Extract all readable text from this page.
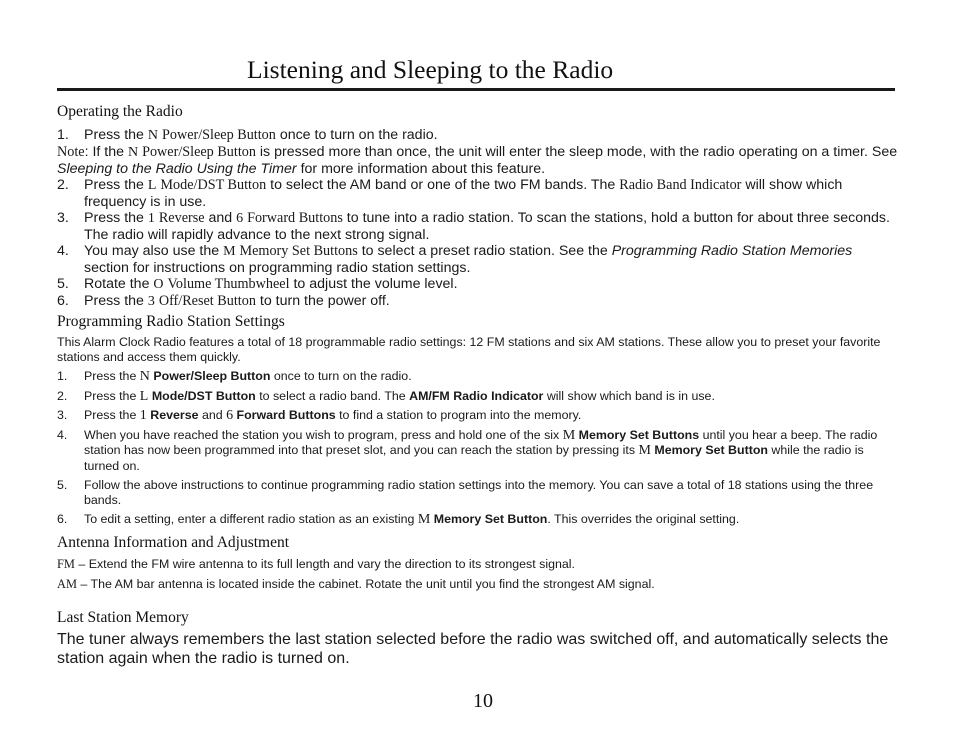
Listening and Sleeping to the Radio
Operating the Radio
1.	Press the N Power/Sleep Button once to turn on the radio.
Note: If the N Power/Sleep Button is pressed more than once, the unit will enter the sleep mode, with the radio operating on a timer. See Sleeping to the Radio Using the Timer for more information about this feature.
2.	Press the L Mode/DST Button to select the AM band or one of the two FM bands. The Radio Band Indicator will show which frequency is in use.
3.	Press the 1 Reverse and 6 Forward Buttons to tune into a radio station. To scan the stations, hold a button for about three seconds. The radio will rapidly advance to the next strong signal.
4.	You may also use the M Memory Set Buttons to select a preset radio station. See the Programming Radio Station Memories section for instructions on programming radio station settings.
5.	Rotate the O Volume Thumbwheel to adjust the volume level.
6.	Press the 3 Off/Reset Button to turn the power off.
Programming Radio Station Settings
This Alarm Clock Radio features a total of 18 programmable radio settings: 12 FM stations and six AM stations. These allow you to preset your favorite stations and access them quickly.
1.	Press the N Power/Sleep Button once to turn on the radio.
2.	Press the L Mode/DST Button to select a radio band. The AM/FM Radio Indicator will show which band is in use.
3.	Press the 1 Reverse and 6 Forward Buttons to find a station to program into the memory.
4.	When you have reached the station you wish to program, press and hold one of the six M Memory Set Buttons until you hear a beep. The radio station has now been programmed into that preset slot, and you can reach the station by pressing its M Memory Set Button while the radio is turned on.
5.	Follow the above instructions to continue programming radio station settings into the memory. You can save a total of 18 stations using the three bands.
6.	To edit a setting, enter a different radio station as an existing M Memory Set Button. This overrides the original setting.
Antenna Information and Adjustment
FM – Extend the FM wire antenna to its full length and vary the direction to its strongest signal.
AM – The AM bar antenna is located inside the cabinet. Rotate the unit until you find the strongest AM signal.
Last Station Memory
The tuner always remembers the last station selected before the radio was switched off, and automatically selects the station again when the radio is turned on.
10
